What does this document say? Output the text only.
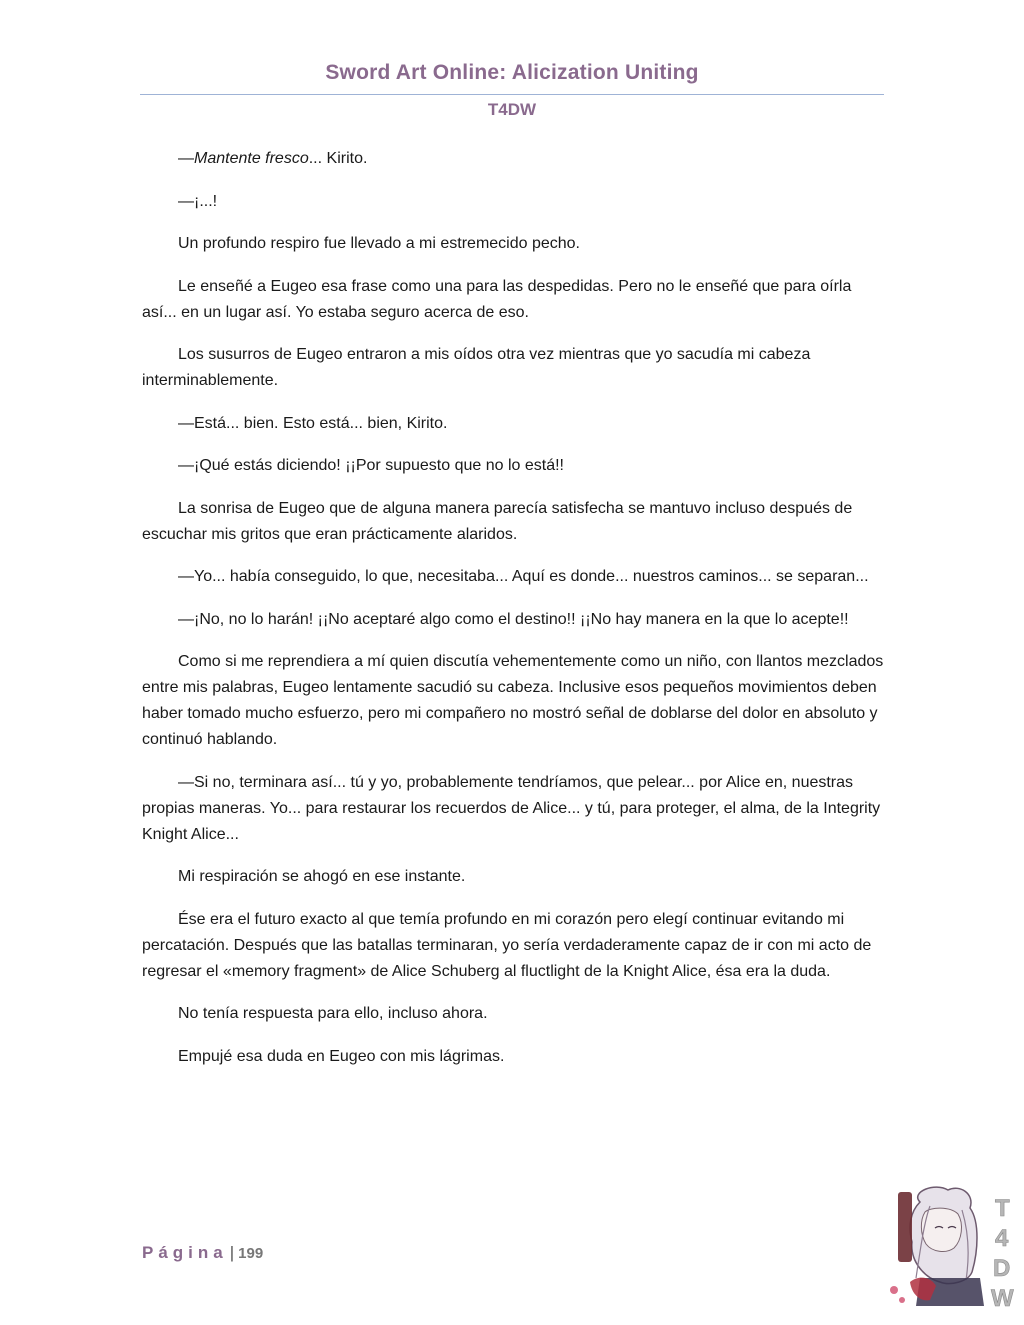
Sword Art Online: Alicization Uniting
T4DW

—Mantente fresco... Kirito.

—¡...!

Un profundo respiro fue llevado a mi estremecido pecho.

Le enseñé a Eugeo esa frase como una para las despedidas. Pero no le enseñé que para oírla así... en un lugar así. Yo estaba seguro acerca de eso.

Los susurros de Eugeo entraron a mis oídos otra vez mientras que yo sacudía mi cabeza interminablemente.

—Está... bien. Esto está... bien, Kirito.

—¡Qué estás diciendo! ¡¡Por supuesto que no lo está!!

La sonrisa de Eugeo que de alguna manera parecía satisfecha se mantuvo incluso después de escuchar mis gritos que eran prácticamente alaridos.

—Yo... había conseguido, lo que, necesitaba... Aquí es donde... nuestros caminos... se separan...

—¡No, no lo harán! ¡¡No aceptaré algo como el destino!! ¡¡No hay manera en la que lo acepte!!

Como si me reprendiera a mí quien discutía vehementemente como un niño, con llantos mezclados entre mis palabras, Eugeo lentamente sacudió su cabeza. Inclusive esos pequeños movimientos deben haber tomado mucho esfuerzo, pero mi compañero no mostró señal de doblarse del dolor en absoluto y continuó hablando.

—Si no, terminara así... tú y yo, probablemente tendríamos, que pelear... por Alice en, nuestras propias maneras. Yo... para restaurar los recuerdos de Alice... y tú, para proteger, el alma, de la Integrity Knight Alice...

Mi respiración se ahogó en ese instante.

Ése era el futuro exacto al que temía profundo en mi corazón pero elegí continuar evitando mi percatación. Después que las batallas terminaran, yo sería verdaderamente capaz de ir con mi acto de regresar el «memory fragment» de Alice Schuberg al fluctlight de la Knight Alice, ésa era la duda.

No tenía respuesta para ello, incluso ahora.

Empujé esa duda en Eugeo con mis lágrimas.

Página | 199
T
4
D
W
